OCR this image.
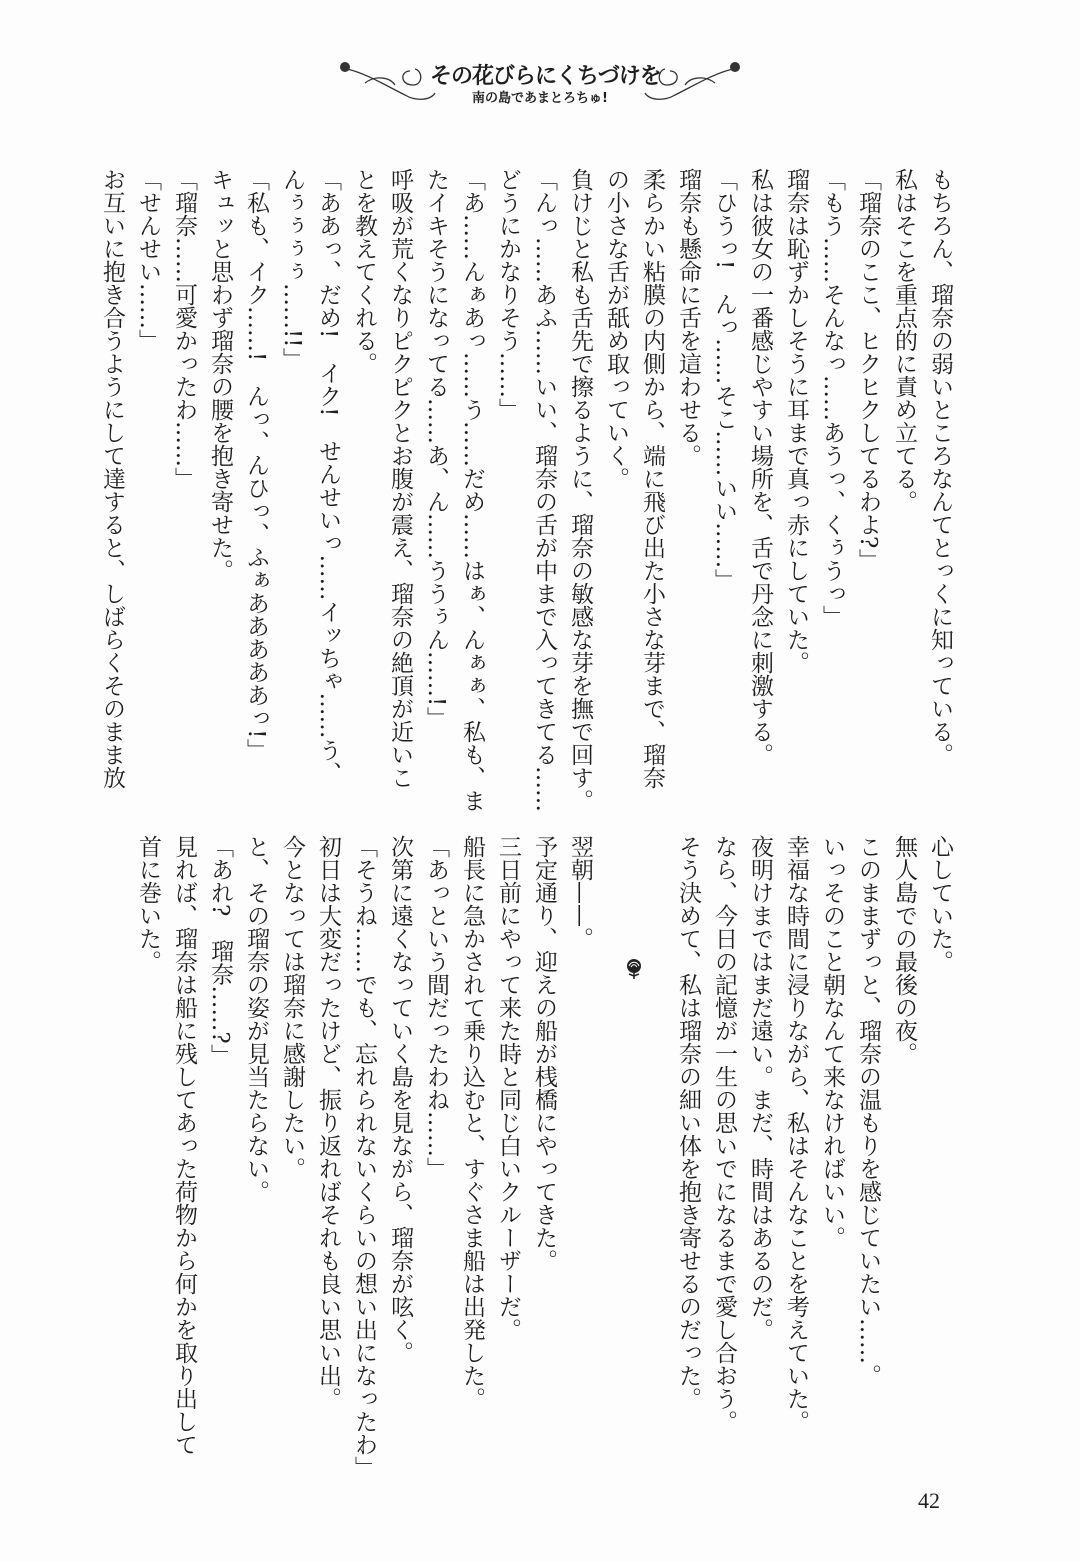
その花びらにくちづけを
南の島であまとろちゅ!

もちろん、瑠奈の弱いところなんてとっくに知っている。

私はそこを重点的に責め立てる。

「瑠奈のここ、ヒクヒクしてるわよ?」

「もう……そんなっ……あうっ、くぅうっ」

瑠奈は恥ずかしそうに耳まで真っ赤にしていた。

私は彼女の一番感じやすい場所を、舌で丹念に刺激する。

「ひうっ!　んっ……そこ……いい……」

瑠奈も懸命に舌を這わせる。

柔らかい粘膜の内側から、端に飛び出た小さな芽まで、瑠奈

の小さな舌が舐め取っていく。

負けじと私も舌先で擦るように、瑠奈の敏感な芽を撫で回す。

「んっ……あふ……いい、瑠奈の舌が中まで入ってきてる……

どうにかなりそう……」

「あ……んぁあっ……う……だめ……はぁ、んぁぁ、私も、ま

たイキそうになってる……あ、ん……ううぅん……!」

呼吸が荒くなりピクピクとお腹が震え、瑠奈の絶頂が近いこ

とを教えてくれる。

「ああっ、だめ!　イク!　せんせいっ……イッちゃ……う、

んぅぅぅぅ……!!」

「私も、イク……!　んっ、んひっ、ふぁあああああっ!」

キュッと思わず瑠奈の腰を抱き寄せた。

「瑠奈……可愛かったわ……」

「せんせい……」

お互いに抱き合うようにして達すると、しばらくそのまま放

心していた。

無人島での最後の夜。

このままずっと、瑠奈の温もりを感じていたい……。

いっそのこと朝なんて来なければいい。

幸福な時間に浸りながら、私はそんなことを考えていた。

夜明けまではまだ遠い。まだ、時間はあるのだ。

なら、今日の記憶が一生の思いでになるまで愛し合おう。

そう決めて、私は瑠奈の細い体を抱き寄せるのだった。

翌朝——。

予定通り、迎えの船が桟橋にやってきた。

三日前にやって来た時と同じ白いクルーザーだ。

船長に急かされて乗り込むと、すぐさま船は出発した。

「あっという間だったわね……」

次第に遠くなっていく島を見ながら、瑠奈が呟く。

「そうね……でも、忘れられないくらいの想い出になったわ」

初日は大変だったけど、振り返ればそれも良い思い出。

今となっては瑠奈に感謝したい。

と、その瑠奈の姿が見当たらない。

「あれ?　瑠奈……?」

見れば、瑠奈は船に残してあった荷物から何かを取り出して

首に巻いた。

42
